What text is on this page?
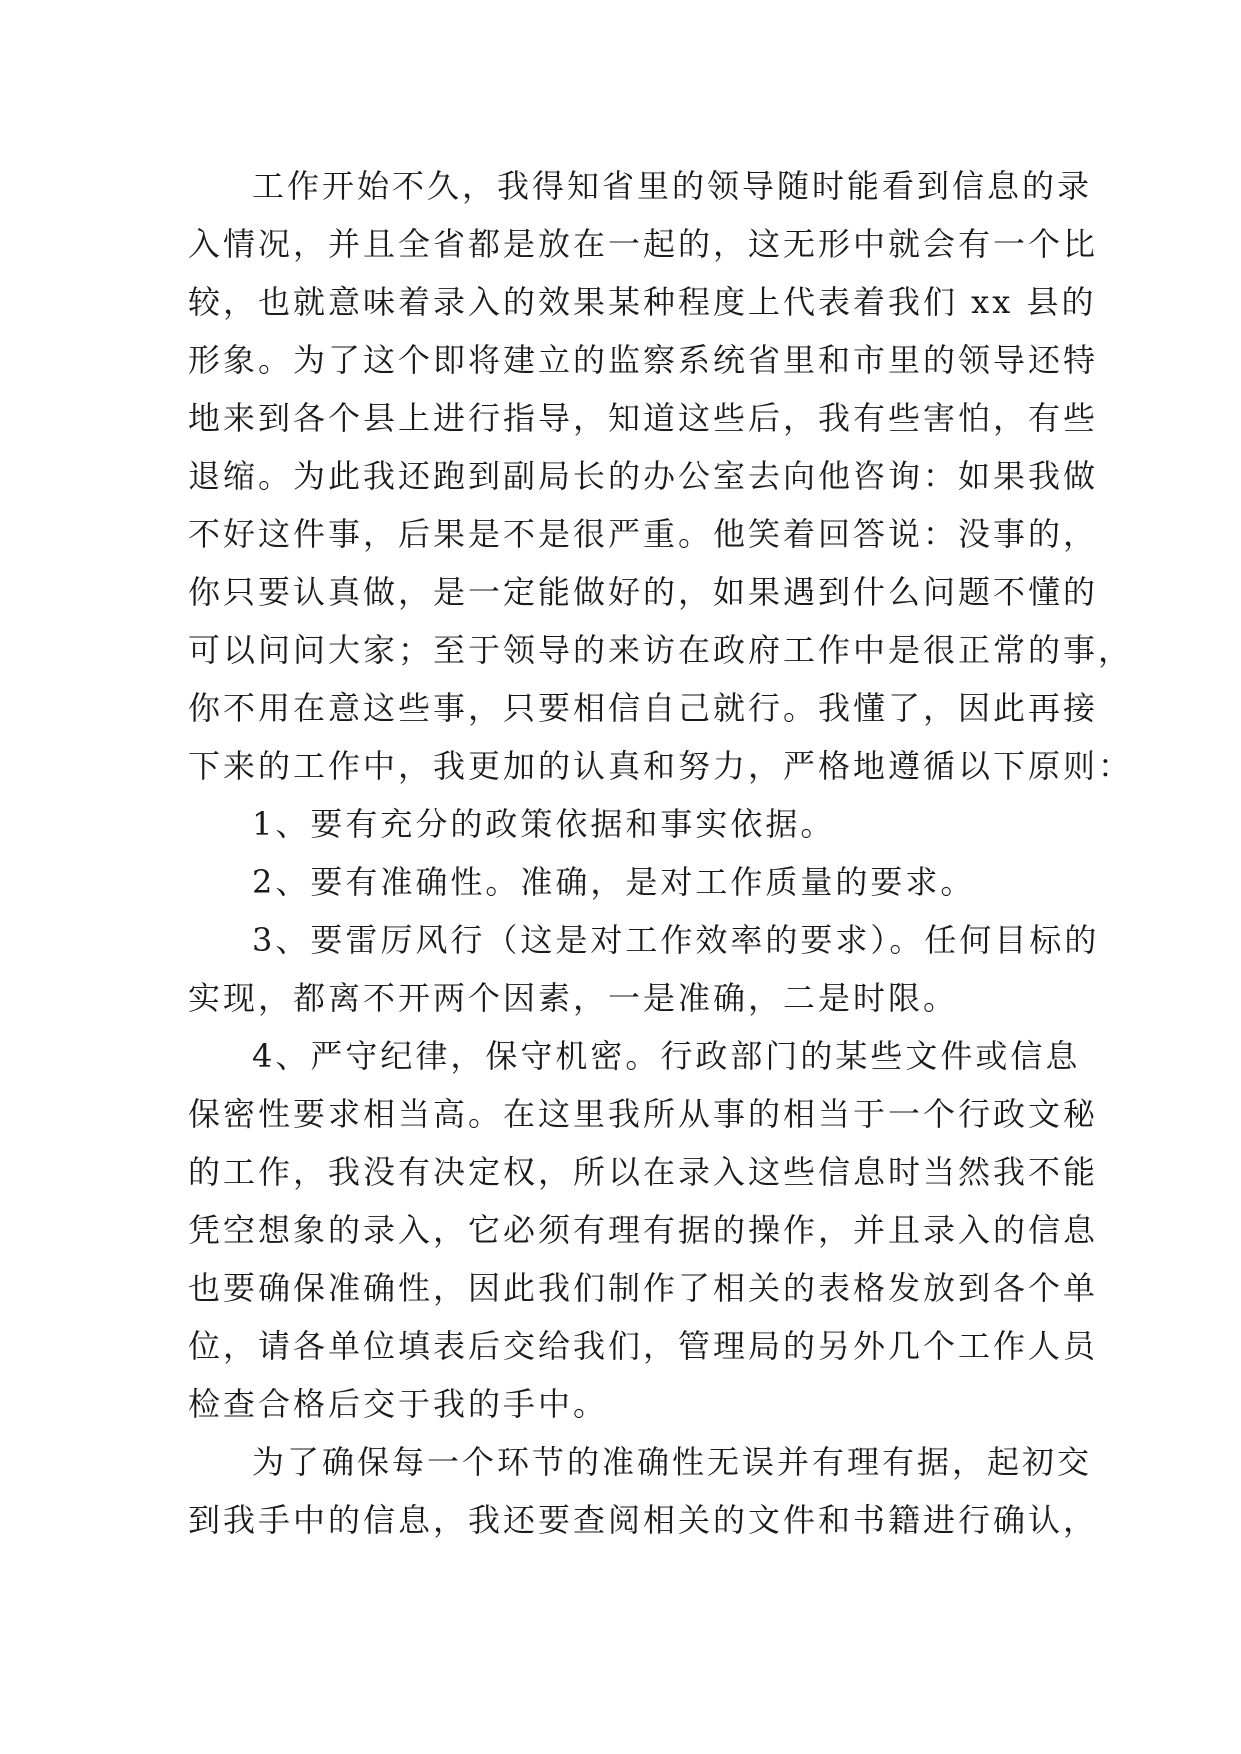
工作开始不久，我得知省里的领导随时能看到信息的录
入情况，并且全省都是放在一起的，这无形中就会有一个比
较，也就意味着录入的效果某种程度上代表着我们 xx 县的
形象。为了这个即将建立的监察系统省里和市里的领导还特
地来到各个县上进行指导，知道这些后，我有些害怕，有些
退缩。为此我还跑到副局长的办公室去向他咨询：如果我做
不好这件事，后果是不是很严重。他笑着回答说：没事的，
你只要认真做，是一定能做好的，如果遇到什么问题不懂的
可以问问大家；至于领导的来访在政府工作中是很正常的事，
你不用在意这些事，只要相信自己就行。我懂了，因此再接
下来的工作中，我更加的认真和努力，严格地遵循以下原则：
1、要有充分的政策依据和事实依据。
2、要有准确性。准确，是对工作质量的要求。
3、要雷厉风行（这是对工作效率的要求）。任何目标的
实现，都离不开两个因素，一是准确，二是时限。
4、严守纪律，保守机密。行政部门的某些文件或信息
保密性要求相当高。在这里我所从事的相当于一个行政文秘
的工作，我没有决定权，所以在录入这些信息时当然我不能
凭空想象的录入，它必须有理有据的操作，并且录入的信息
也要确保准确性，因此我们制作了相关的表格发放到各个单
位，请各单位填表后交给我们，管理局的另外几个工作人员
检查合格后交于我的手中。
为了确保每一个环节的准确性无误并有理有据，起初交
到我手中的信息，我还要查阅相关的文件和书籍进行确认，
